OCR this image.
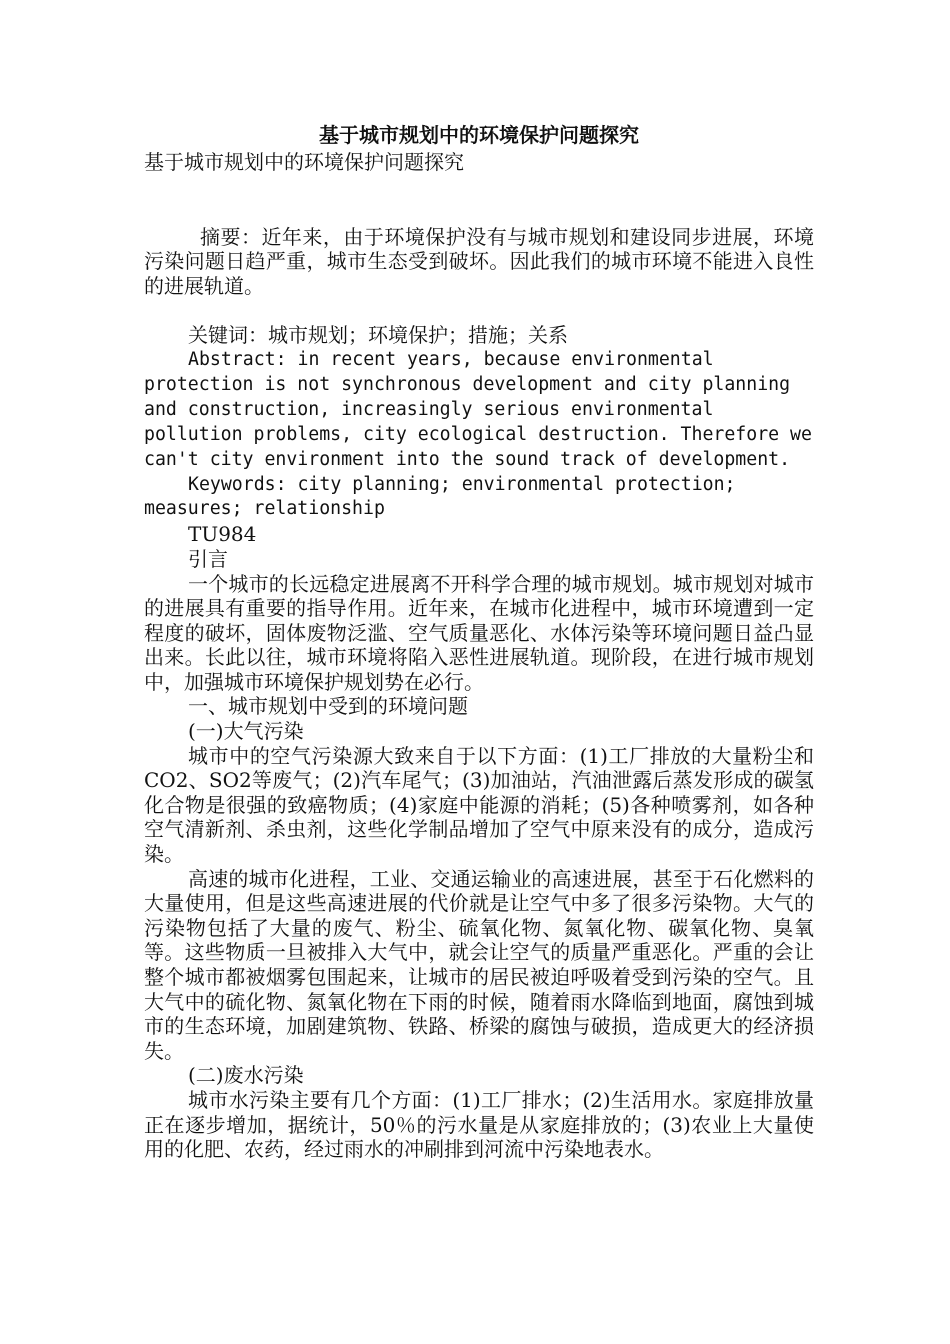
基于城市规划中的环境保护问题探究

基于城市规划中的环境保护问题探究

摘要：近年来，由于环境保护没有与城市规划和建设同步进展，环境污染问题日趋严重，城市生态受到破坏。因此我们的城市环境不能进入良性的进展轨道。

关键词：城市规划；环境保护；措施；关系

Abstract: in recent years, because environmental protection is not synchronous development and city planning and construction, increasingly serious environmental pollution problems, city ecological destruction. Therefore we can't city environment into the sound track of development.

Keywords: city planning; environmental protection; measures; relationship

TU984

引言

一个城市的长远稳定进展离不开科学合理的城市规划。城市规划对城市的进展具有重要的指导作用。近年来，在城市化进程中，城市环境遭到一定程度的破坏，固体废物泛滥、空气质量恶化、水体污染等环境问题日益凸显出来。长此以往，城市环境将陷入恶性进展轨道。现阶段，在进行城市规划中，加强城市环境保护规划势在必行。

一、城市规划中受到的环境问题

(一)大气污染

城市中的空气污染源大致来自于以下方面：(1)工厂排放的大量粉尘和CO2、SO2等废气；(2)汽车尾气；(3)加油站，汽油泄露后蒸发形成的碳氢化合物是很强的致癌物质；(4)家庭中能源的消耗；(5)各种喷雾剂，如各种空气清新剂、杀虫剂，这些化学制品增加了空气中原来没有的成分，造成污染。

高速的城市化进程，工业、交通运输业的高速进展，甚至于石化燃料的大量使用，但是这些高速进展的代价就是让空气中多了很多污染物。大气的污染物包括了大量的废气、粉尘、硫氧化物、氮氧化物、碳氧化物、臭氧等。这些物质一旦被排入大气中，就会让空气的质量严重恶化。严重的会让整个城市都被烟雾包围起来，让城市的居民被迫呼吸着受到污染的空气。且大气中的硫化物、氮氧化物在下雨的时候，随着雨水降临到地面，腐蚀到城市的生态环境，加剧建筑物、铁路、桥梁的腐蚀与破损，造成更大的经济损失。

(二)废水污染

城市水污染主要有几个方面：(1)工厂排水；(2)生活用水。家庭排放量正在逐步增加，据统计，50％的污水量是从家庭排放的；(3)农业上大量使用的化肥、农药，经过雨水的冲刷排到河流中污染地表水。
